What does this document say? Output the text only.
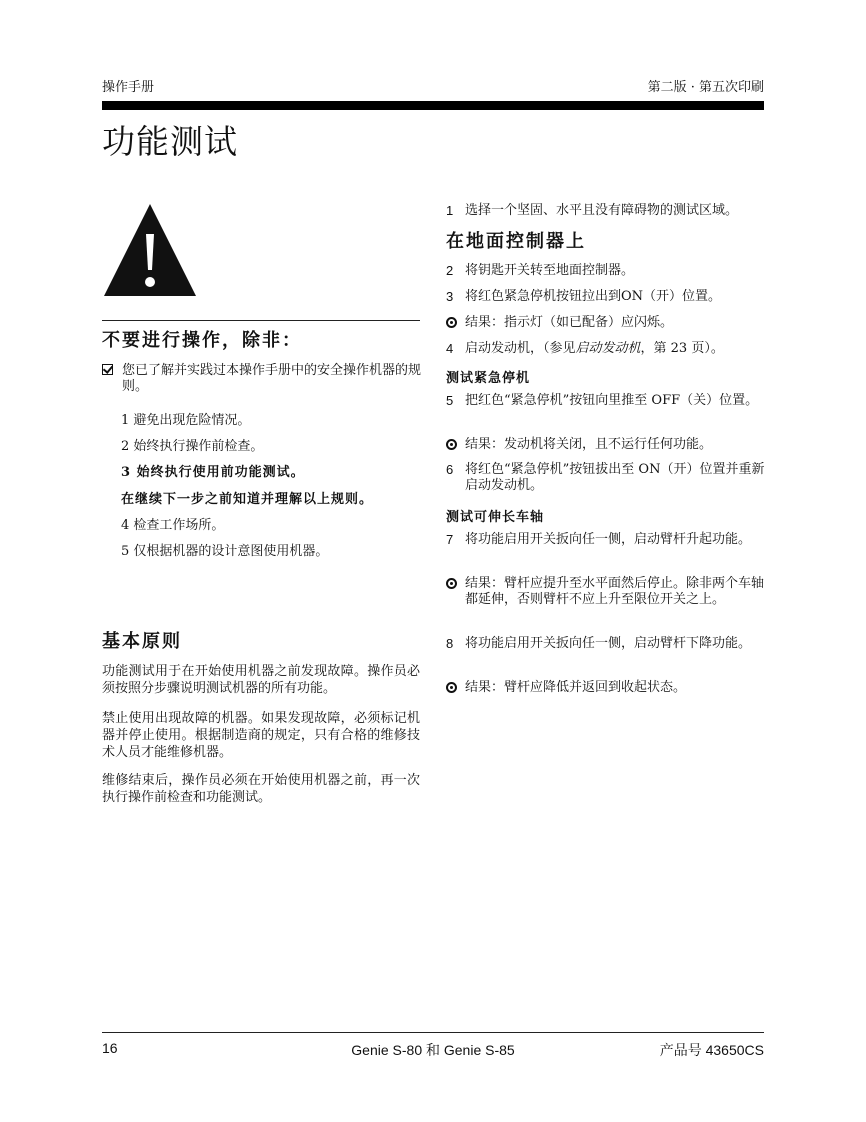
操作手册	第二版 · 第五次印刷
功能测试
不要进行操作，除非：
您已了解并实践过本操作手册中的安全操作机器的规则。
1 避免出现危险情况。
2 始终执行操作前检查。
3 始终执行使用前功能测试。
在继续下一步之前知道并理解以上规则。
4 检查工作场所。
5 仅根据机器的设计意图使用机器。
基本原则
功能测试用于在开始使用机器之前发现故障。操作员必须按照分步骤说明测试机器的所有功能。
禁止使用出现故障的机器。如果发现故障，必须标记机器并停止使用。根据制造商的规定，只有合格的维修技术人员才能维修机器。
维修结束后，操作员必须在开始使用机器之前，再一次执行操作前检查和功能测试。
1 选择一个坚固、水平且没有障碍物的测试区域。
在地面控制器上
2 将钥匙开关转至地面控制器。
3 将红色紧急停机按钮拉出到ON（开）位置。
结果：指示灯（如已配备）应闪烁。
4 启动发动机，（参见启动发动机，第 23 页）。
测试紧急停机
5 把红色“紧急停机”按钮向里推至 OFF（关）位置。
结果：发动机将关闭，且不运行任何功能。
6 将红色“紧急停机”按钮拔出至 ON（开）位置并重新启动发动机。
测试可伸长车轴
7 将功能启用开关扳向任一侧，启动臂杆升起功能。
结果：臂杆应提升至水平面然后停止。除非两个车轴都延伸，否则臂杆不应上升至限位开关之上。
8 将功能启用开关扳向任一侧，启动臂杆下降功能。
结果：臂杆应降低并返回到收起状态。
16	Genie S-80 和 Genie S-85	产品号 43650CS
